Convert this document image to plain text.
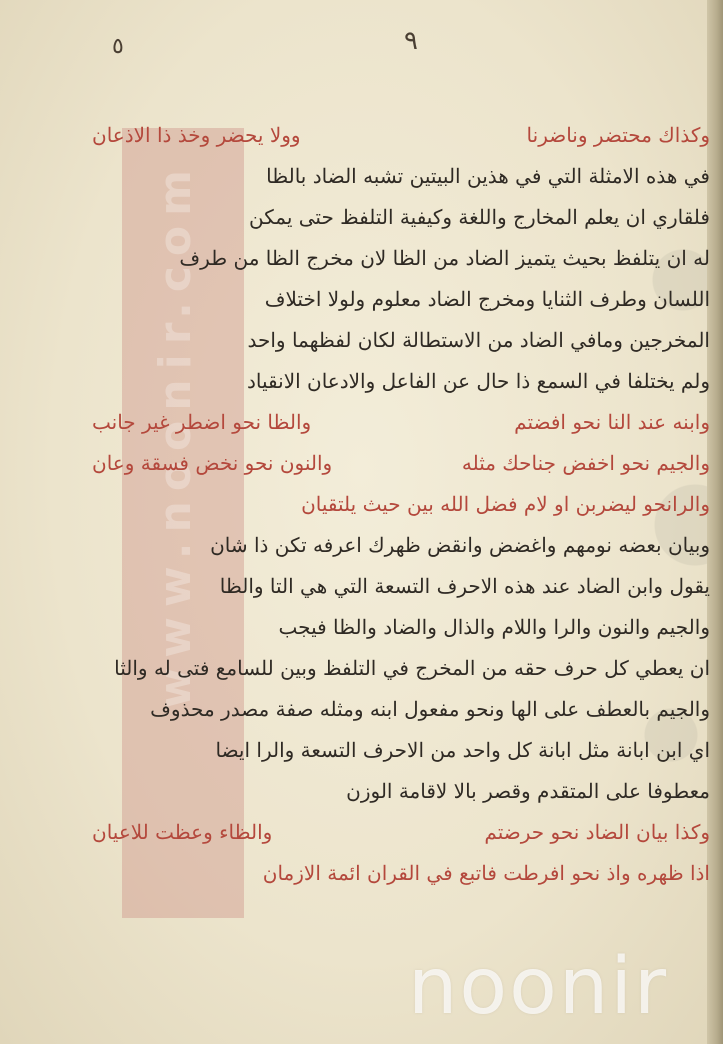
www.noonir.com
٩
٥
وكذاك محتضر وناضرنا
وولا يحضر وخذ ذا الاذعان
في هذه الامثلة التي في هذين البيتين تشبه الضاد بالظا
فلقاري ان يعلم المخارج واللغة وكيفية التلفظ حتى يمكن
له ان يتلفظ بحيث يتميز الضاد من الظا لان مخرج الظا من طرف
اللسان وطرف الثنايا ومخرج الضاد معلوم ولولا اختلاف
المخرجين ومافي الضاد من الاستطالة لكان لفظهما واحد
ولم يختلفا في السمع ذا حال عن الفاعل والادعان الانقياد
وابنه عند النا نحو افضتم
والظا نحو اضطر غير جانب
والجيم نحو اخفض جناحك مثله
والنون نحو نخض فسقة وعان
والرانحو ليضربن او لام فضل الله بين حيث يلتقيان
وبيان بعضه نومهم واغضض وانقض ظهرك اعرفه تكن ذا شان
يقول وابن الضاد عند هذه الاحرف التسعة التي هي التا والظا
والجيم والنون والرا واللام والذال والضاد والظا فيجب
ان يعطي كل حرف حقه من المخرج في التلفظ وبين للسامع فتى له والثا
والجيم بالعطف على الها ونحو مفعول ابنه ومثله صفة مصدر محذوف
اي ابن ابانة مثل ابانة كل واحد من الاحرف التسعة والرا ايضا
معطوفا على المتقدم وقصر بالا لاقامة الوزن
وكذا بيان الضاد نحو حرضتم
والظاء وعظت للاعيان
اذا ظهره واذ نحو افرطت فاتبع في القران ائمة الازمان
noonir
